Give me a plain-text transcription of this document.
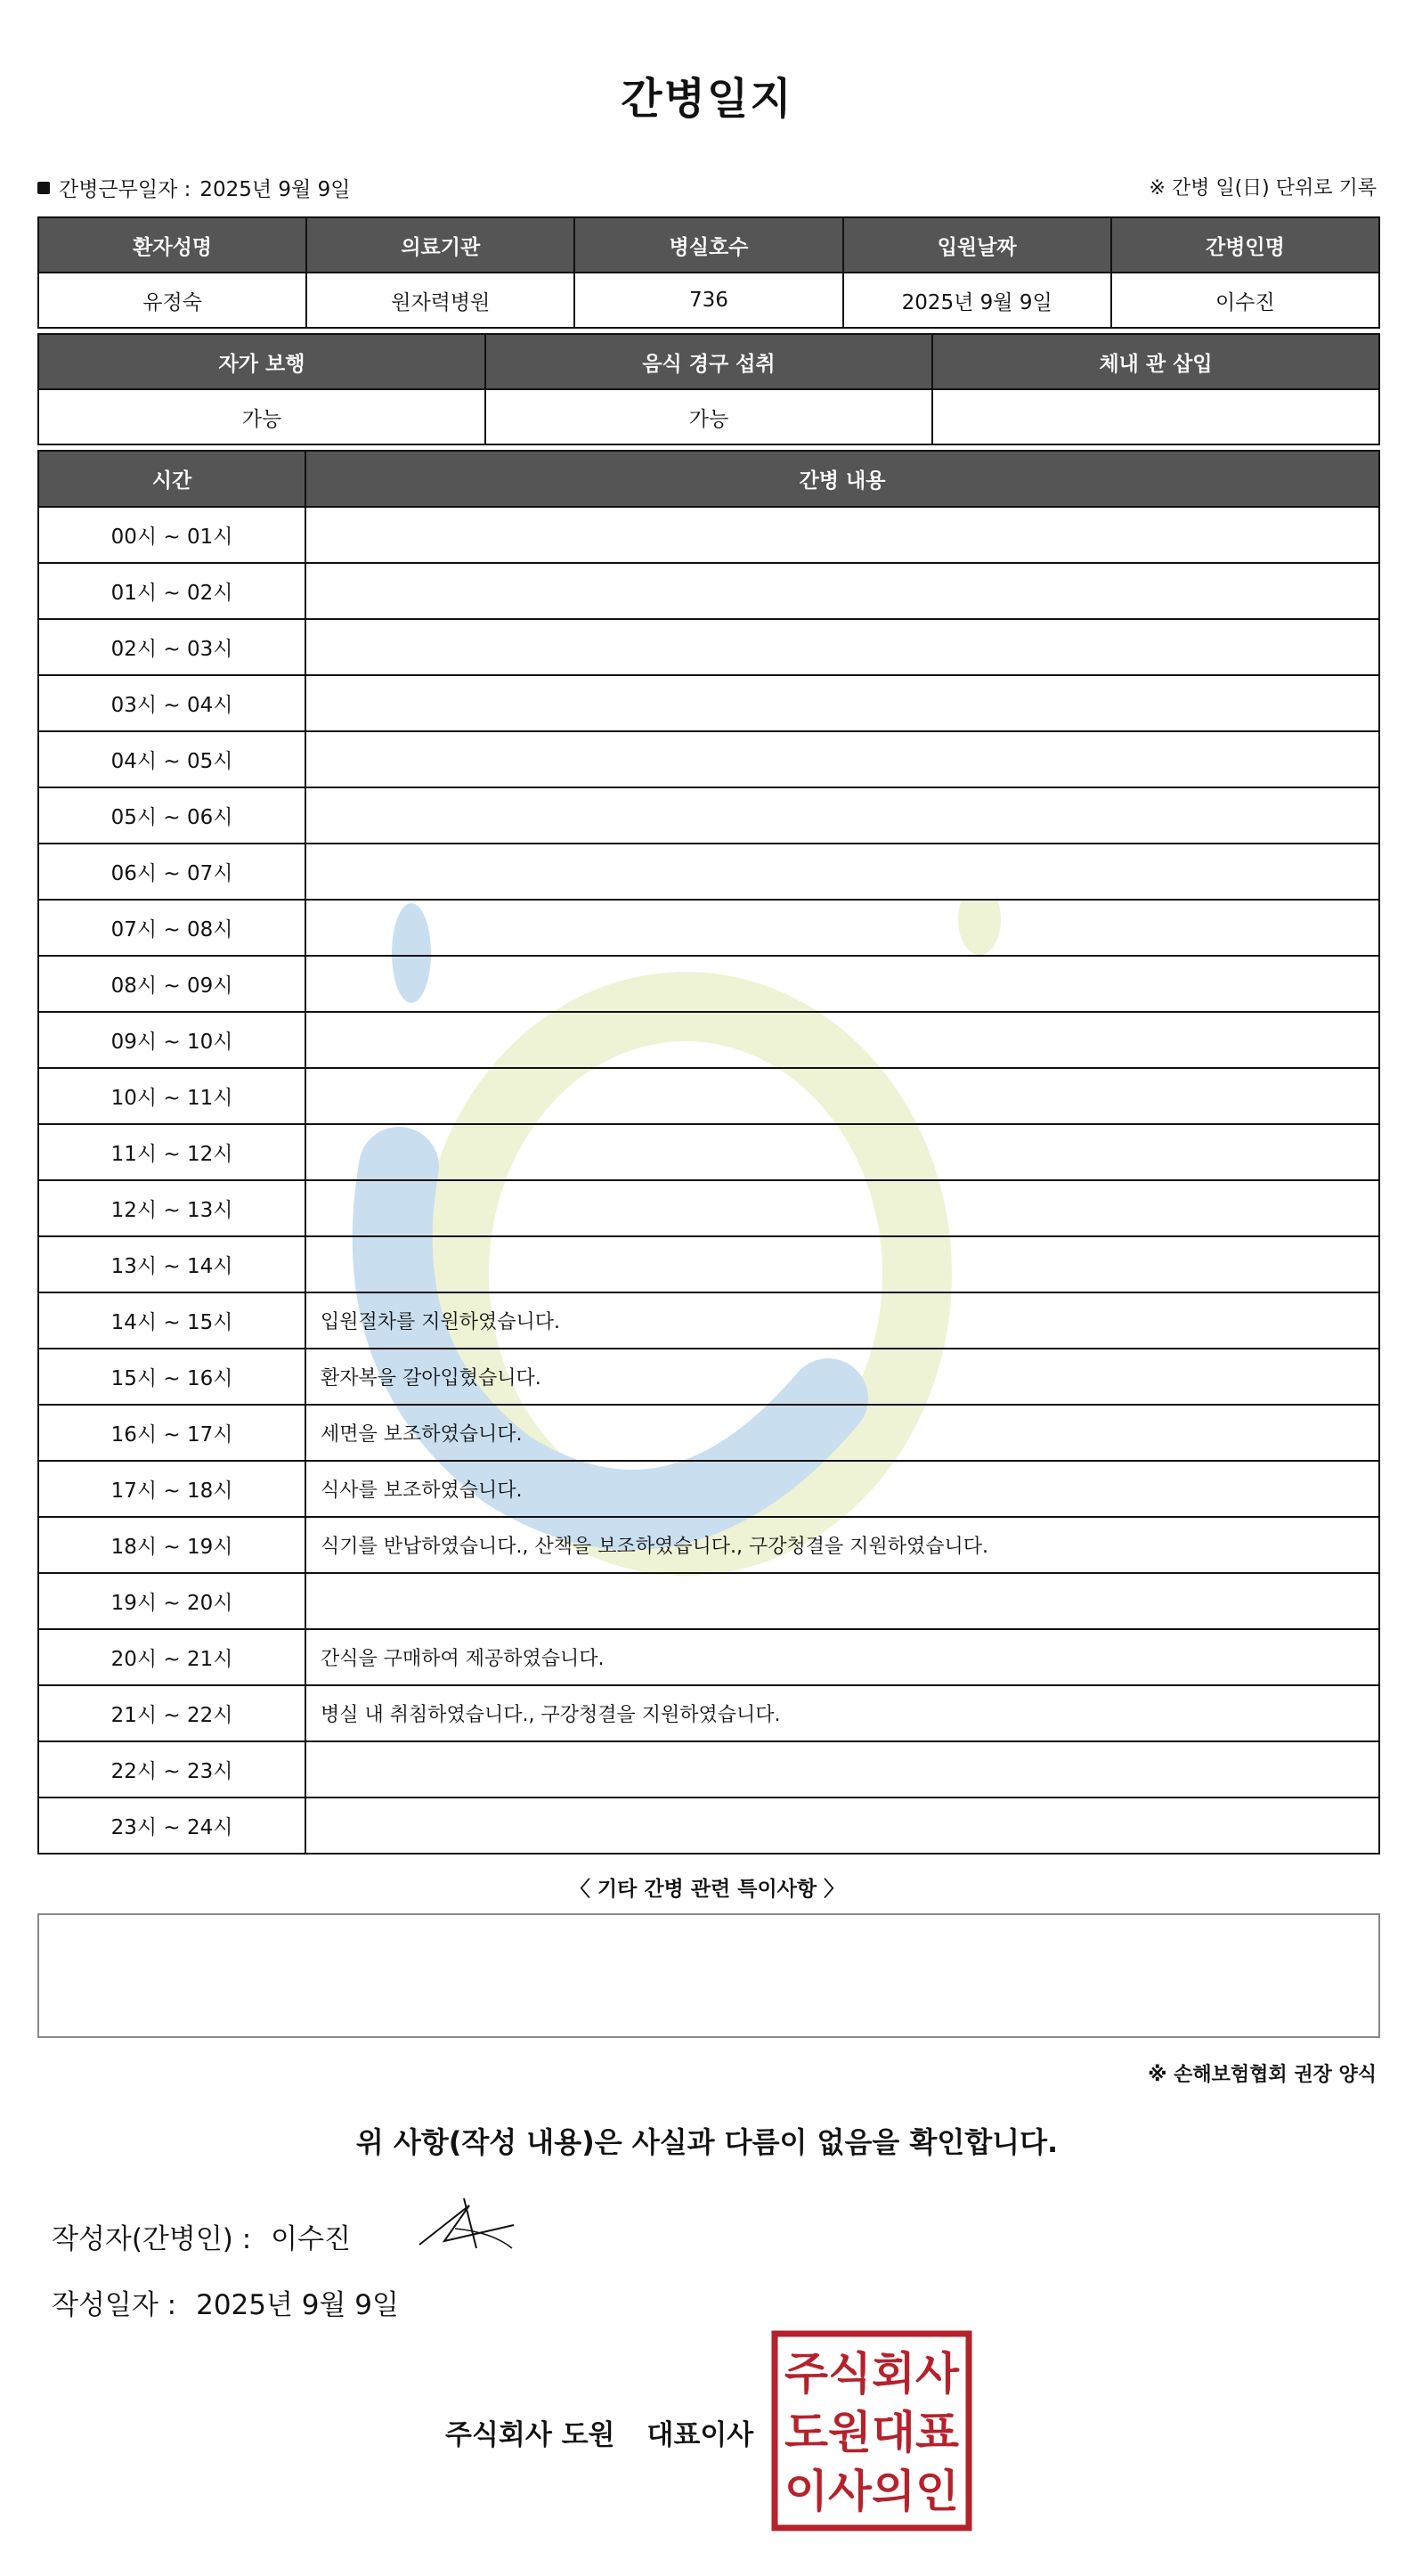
간병일지
간병근무일자 : 2025년 9월 9일	※ 간병 일(日) 단위로 기록
환자성명	의료기관	병실호수	입원날짜	간병인명
유정숙	원자력병원	736	2025년 9월 9일	이수진
자가 보행	음식 경구 섭취	체내 관 삽입
가능	가능	
시간	간병 내용
00시 ~ 01시	
01시 ~ 02시	
02시 ~ 03시	
03시 ~ 04시	
04시 ~ 05시	
05시 ~ 06시	
06시 ~ 07시	
07시 ~ 08시	
08시 ~ 09시	
09시 ~ 10시	
10시 ~ 11시	
11시 ~ 12시	
12시 ~ 13시	
13시 ~ 14시	
14시 ~ 15시	입원절차를 지원하였습니다.
15시 ~ 16시	환자복을 갈아입혔습니다.
16시 ~ 17시	세면을 보조하였습니다.
17시 ~ 18시	식사를 보조하였습니다.
18시 ~ 19시	식기를 반납하였습니다., 산책을 보조하였습니다., 구강청결을 지원하였습니다.
19시 ~ 20시	
20시 ~ 21시	간식을 구매하여 제공하였습니다.
21시 ~ 22시	병실 내 취침하였습니다., 구강청결을 지원하였습니다.
22시 ~ 23시	
23시 ~ 24시	
〈 기타 간병 관련 특이사항 〉
※ 손해보험협회 권장 양식
위 사항(작성 내용)은 사실과 다름이 없음을 확인합니다.
작성자(간병인) : 이수진
작성일자 : 2025년 9월 9일
주식회사 도원 대표이사
주식회사
도원대표
이사의인
